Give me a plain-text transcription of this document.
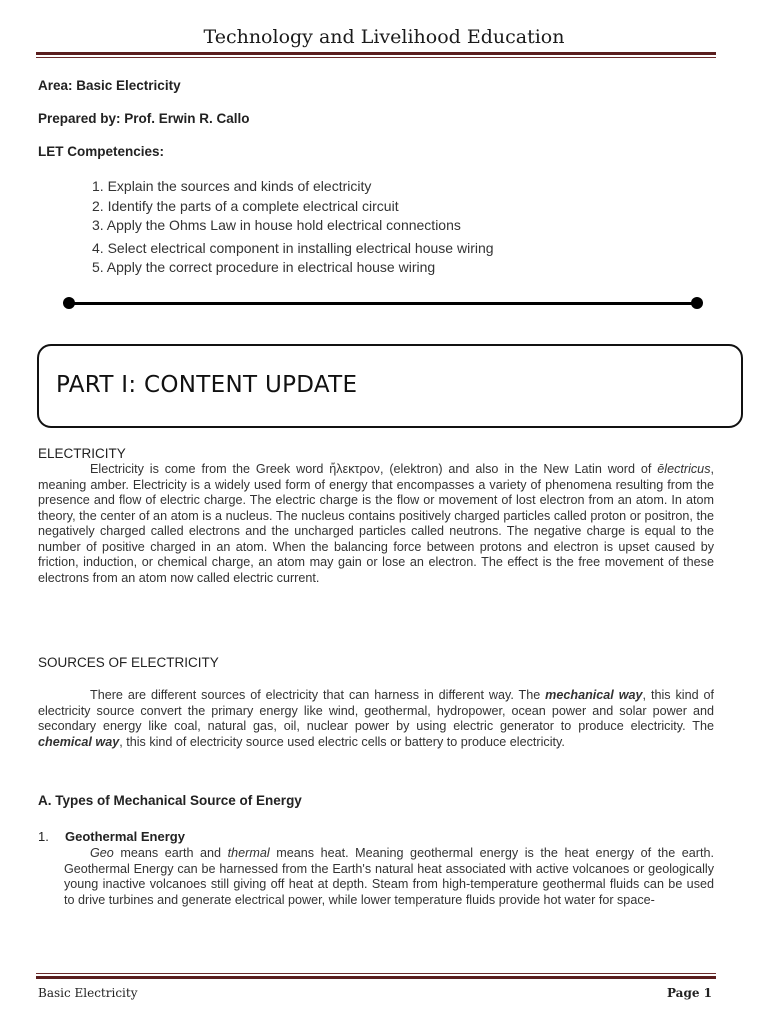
Technology and Livelihood Education
Area: Basic Electricity
Prepared by: Prof. Erwin R. Callo
LET Competencies:
1. Explain the sources and kinds of electricity
2. Identify the parts of a complete electrical circuit
3. Apply the Ohms Law in house hold electrical connections
4. Select electrical component in installing electrical house wiring
5. Apply the correct procedure in electrical house wiring
PART I: CONTENT UPDATE
ELECTRICITY
Electricity is come from the Greek word ἤλεκτρον, (elektron) and also in the New Latin word of ēlectricus, meaning amber. Electricity is a widely used form of energy that encompasses a variety of phenomena resulting from the presence and flow of electric charge. The electric charge is the flow or movement of lost electron from an atom. In atom theory, the center of an atom is a nucleus. The nucleus contains positively charged particles called proton or positron, the negatively charged called electrons and the uncharged particles called neutrons. The negative charge is equal to the number of positive charged in an atom. When the balancing force between protons and electron is upset caused by friction, induction, or chemical charge, an atom may gain or lose an electron. The effect is the free movement of these electrons from an atom now called electric current.
SOURCES OF ELECTRICITY
There are different sources of electricity that can harness in different way. The mechanical way, this kind of electricity source convert the primary energy like wind, geothermal, hydropower, ocean power and solar power and secondary energy like coal, natural gas, oil, nuclear power by using electric generator to produce electricity. The chemical way, this kind of electricity source used electric cells or battery to produce electricity.
A. Types of Mechanical Source of Energy
1. Geothermal Energy
Geo means earth and thermal means heat. Meaning geothermal energy is the heat energy of the earth. Geothermal Energy can be harnessed from the Earth's natural heat associated with active volcanoes or geologically young inactive volcanoes still giving off heat at depth. Steam from high-temperature geothermal fluids can be used to drive turbines and generate electrical power, while lower temperature fluids provide hot water for space-
Basic Electricity	Page 1
